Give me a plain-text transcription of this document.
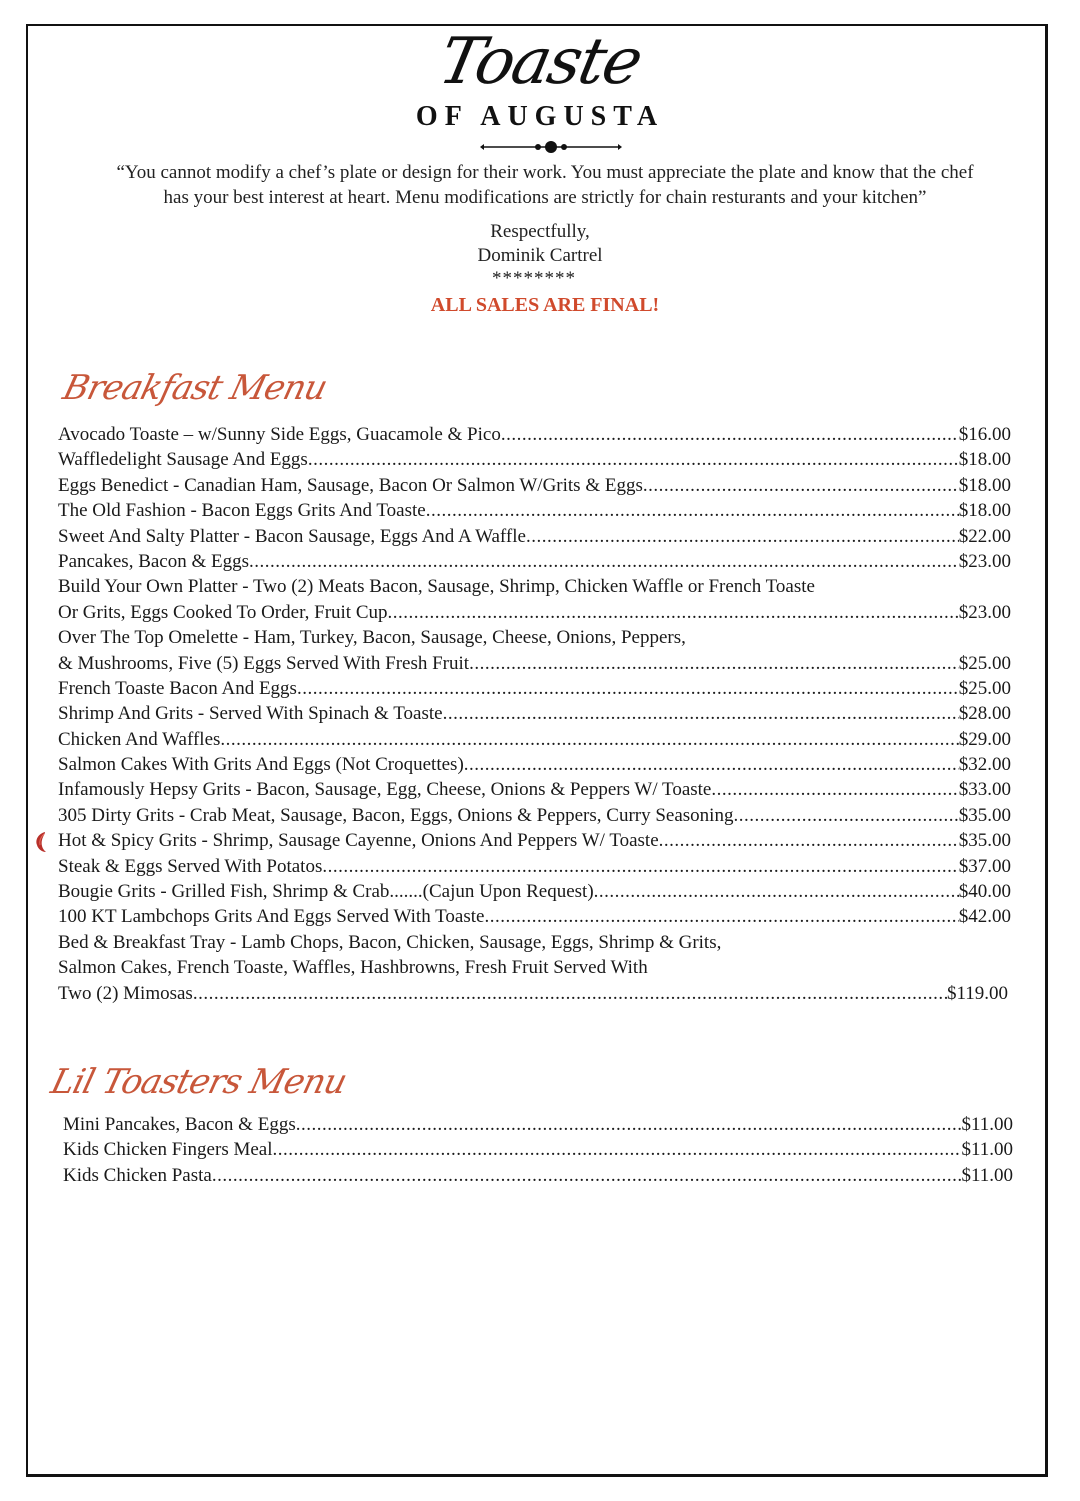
Toaste
OF AUGUSTA
“You cannot modify a chef’s plate or design for their work. You must appreciate the plate and know that the chef
has your best interest at heart. Menu modifications are strictly for chain resturants and your kitchen”
Respectfully,
Dominik Cartrel
********
ALL SALES ARE FINAL!
Breakfast Menu
Avocado Toaste – w/Sunny Side Eggs, Guacamole & Pico .....	$16.00
Waffledelight Sausage And Eggs .....	$18.00
Eggs Benedict - Canadian Ham, Sausage, Bacon Or Salmon W/Grits & Eggs .....	$18.00
The Old Fashion - Bacon Eggs Grits And Toaste .....	$18.00
Sweet And Salty Platter - Bacon Sausage, Eggs And A Waffle .....	$22.00
Pancakes, Bacon & Eggs .....	$23.00
Build Your Own Platter - Two (2) Meats Bacon, Sausage, Shrimp, Chicken Waffle or French Toaste
Or Grits, Eggs Cooked To Order, Fruit Cup .....	$23.00
Over The Top Omelette - Ham, Turkey, Bacon, Sausage, Cheese, Onions, Peppers,
& Mushrooms, Five (5) Eggs Served With Fresh Fruit .....	$25.00
French Toaste Bacon And Eggs .....	$25.00
Shrimp And Grits - Served With Spinach & Toaste .....	$28.00
Chicken And Waffles .....	$29.00
Salmon Cakes With Grits And Eggs (Not Croquettes) .....	$32.00
Infamously Hepsy Grits - Bacon, Sausage, Egg, Cheese, Onions & Peppers W/ Toaste .....	$33.00
305 Dirty Grits - Crab Meat, Sausage, Bacon, Eggs, Onions & Peppers, Curry Seasoning .....	$35.00
Hot & Spicy Grits - Shrimp, Sausage Cayenne, Onions And Peppers W/ Toaste .....	$35.00
Steak & Eggs Served With Potatos .....	$37.00
Bougie Grits - Grilled Fish, Shrimp & Crab.......(Cajun Upon Request) .....	$40.00
100 KT Lambchops Grits And Eggs Served With Toaste .....	$42.00
Bed & Breakfast Tray - Lamb Chops, Bacon, Chicken, Sausage, Eggs, Shrimp & Grits,
Salmon Cakes, French Toaste, Waffles, Hashbrowns, Fresh Fruit Served With
Two (2) Mimosas .....	$119.00
Lil Toasters Menu
Mini Pancakes, Bacon & Eggs .....	$11.00
Kids Chicken Fingers Meal .....	$11.00
Kids Chicken Pasta .....	$11.00
